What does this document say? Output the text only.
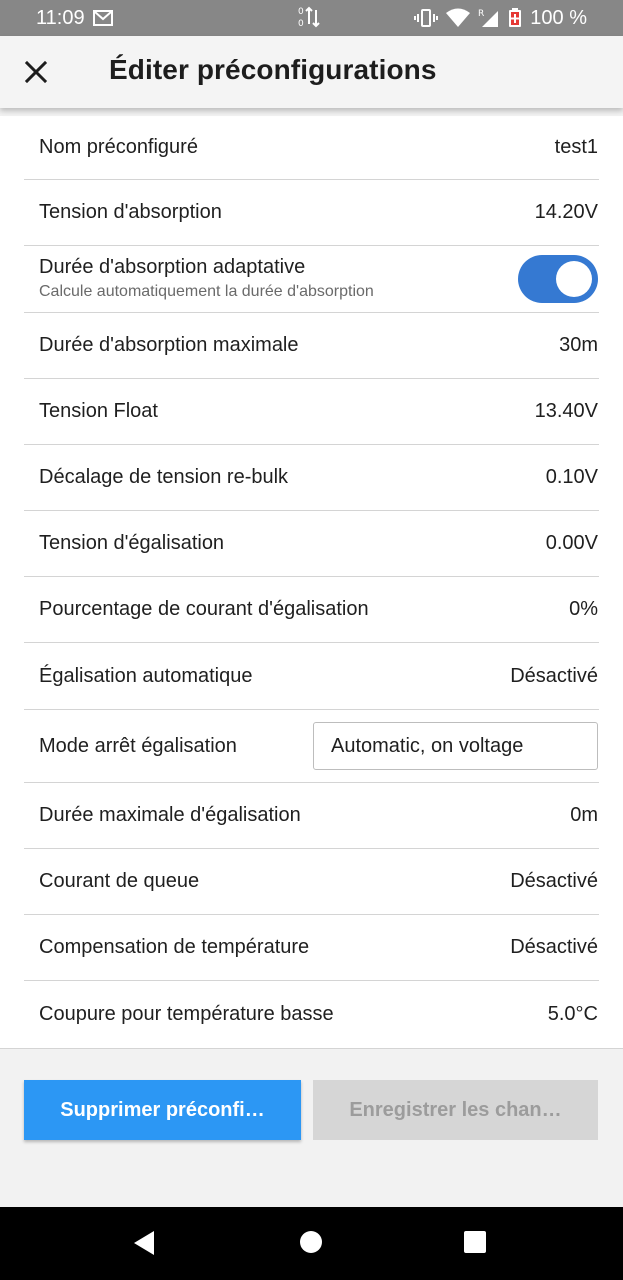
11:09	0
0
R 100 %
Éditer préconfigurations
Nom préconfiguré	test1
Tension d'absorption	14.20V
Durée d'absorption adaptative
Calcule automatiquement la durée d'absorption
Durée d'absorption maximale	30m
Tension Float	13.40V
Décalage de tension re-bulk	0.10V
Tension d'égalisation	0.00V
Pourcentage de courant d'égalisation	0%
Égalisation automatique	Désactivé
Mode arrêt égalisation	Automatic, on voltage
Durée maximale d'égalisation	0m
Courant de queue	Désactivé
Compensation de température	Désactivé
Coupure pour température basse	5.0°C
Supprimer préconfi…	Enregistrer les chan…
